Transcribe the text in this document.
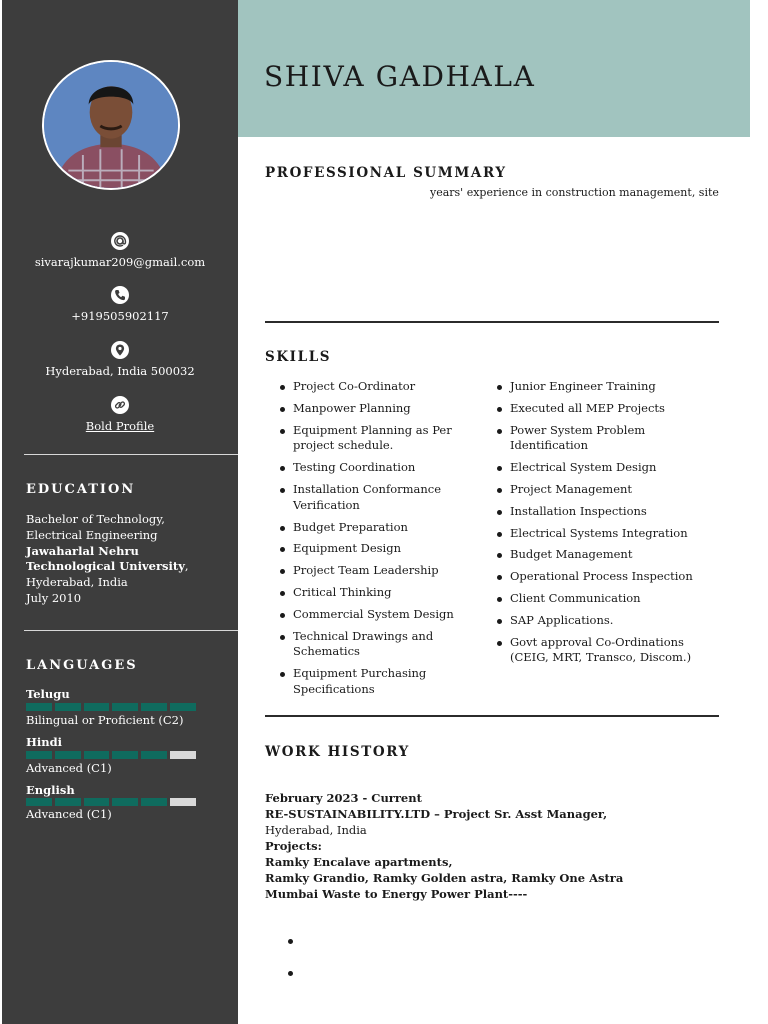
sivarajkumar209@gmail.com
+919505902117
Hyderabad, India 500032
Bold Profile
EDUCATION
Bachelor of Technology,
Electrical Engineering
Jawaharlal Nehru
Technological University,
Hyderabad, India
July 2010
LANGUAGES
Telugu
Bilingual or Proficient (C2)
Hindi
Advanced (C1)
English
Advanced (C1)
SHIVA GADHALA
PROFESSIONAL SUMMARY
years' experience in construction management, site
SKILLS
Project Co-Ordinator
Manpower Planning
Equipment Planning as Per project schedule.
Testing Coordination
Installation Conformance Verification
Budget Preparation
Equipment Design
Project Team Leadership
Critical Thinking
Commercial System Design
Technical Drawings and Schematics
Equipment Purchasing Specifications
Junior Engineer Training
Executed all MEP Projects
Power System Problem Identification
Electrical System Design
Project Management
Installation Inspections
Electrical Systems Integration
Budget Management
Operational Process Inspection
Client Communication
SAP Applications.
Govt approval Co-Ordinations (CEIG, MRT, Transco, Discom.)
WORK HISTORY
February 2023 - Current
RE-SUSTAINABILITY.LTD – Project Sr. Asst Manager,
Hyderabad, India
Projects:
Ramky Encalave apartments,
Ramky Grandio, Ramky Golden astra, Ramky One Astra
Mumbai Waste to Energy Power Plant----
